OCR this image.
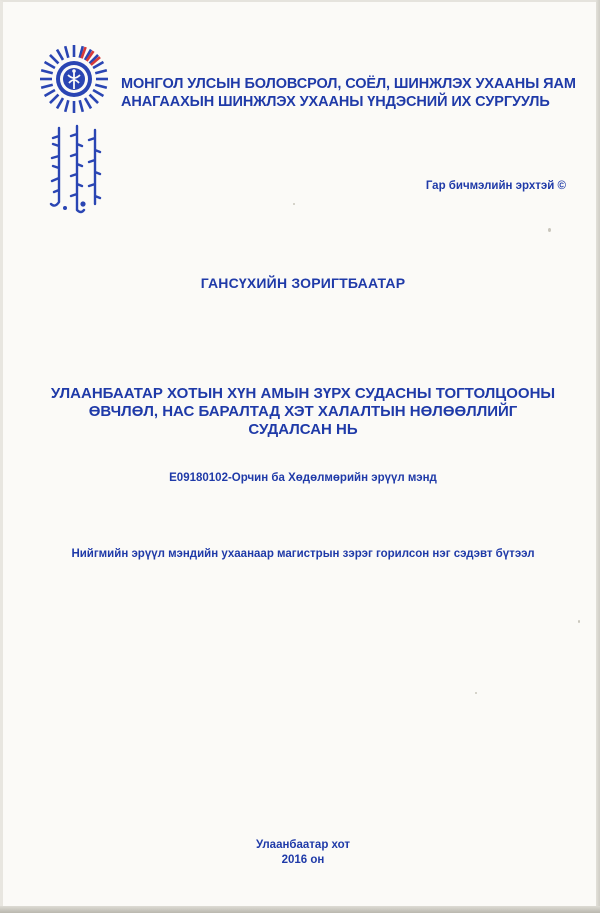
МОНГОЛ УЛСЫН БОЛОВСРОЛ, СОЁЛ, ШИНЖЛЭХ УХААНЫ ЯАМ
АНАГААХЫН ШИНЖЛЭХ УХААНЫ ҮНДЭСНИЙ ИХ СУРГУУЛЬ
Гар бичмэлийн эрхтэй ©
ГАНСҮХИЙН ЗОРИГТБААТАР
УЛААНБААТАР ХОТЫН ХҮН АМЫН ЗҮРХ СУДАСНЫ ТОГТОЛЦООНЫ
ӨВЧЛӨЛ, НАС БАРАЛТАД ХЭТ ХАЛАЛТЫН НӨЛӨӨЛЛИЙГ
СУДАЛСАН НЬ
E09180102-Орчин ба Хөдөлмөрийн эрүүл мэнд
Нийгмийн эрүүл мэндийн ухаанаар магистрын зэрэг горилсон нэг сэдэвт бүтээл
Улаанбаатар хот
2016 он
